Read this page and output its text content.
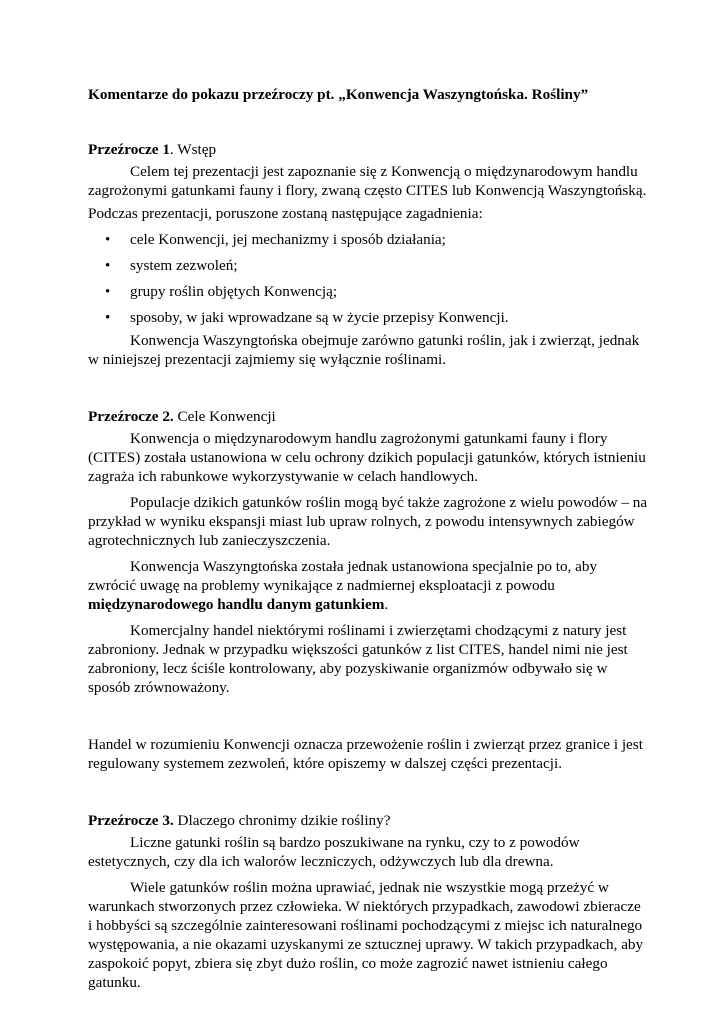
Komentarze do pokazu przeźroczy pt. „Konwencja Waszyngtońska. Rośliny”

Przeźrocze 1. Wstęp

Celem tej prezentacji jest zapoznanie się z Konwencją o międzynarodowym handlu zagrożonymi gatunkami fauny i flory, zwaną często CITES lub Konwencją Waszyngtońską.

Podczas prezentacji, poruszone zostaną następujące zagadnienia:

• cele Konwencji, jej mechanizmy i sposób działania;
• system zezwoleń;
• grupy roślin objętych Konwencją;
• sposoby, w jaki wprowadzane są w życie przepisy Konwencji.

Konwencja Waszyngtońska obejmuje zarówno gatunki roślin, jak i zwierząt, jednak w niniejszej prezentacji zajmiemy się wyłącznie roślinami.

Przeźrocze 2. Cele Konwencji

Konwencja o międzynarodowym handlu zagrożonymi gatunkami fauny i flory (CITES) została ustanowiona w celu ochrony dzikich populacji gatunków, których istnieniu zagraża ich rabunkowe wykorzystywanie w celach handlowych.

Populacje dzikich gatunków roślin mogą być także zagrożone z wielu powodów – na przykład w wyniku ekspansji miast lub upraw rolnych, z powodu intensywnych zabiegów agrotechnicznych lub zanieczyszczenia.

Konwencja Waszyngtońska została jednak ustanowiona specjalnie po to, aby zwrócić uwagę na problemy wynikające z nadmiernej eksploatacji z powodu międzynarodowego handlu danym gatunkiem.

Komercjalny handel niektórymi roślinami i zwierzętami chodzącymi z natury jest zabroniony. Jednak w przypadku większości gatunków z list CITES, handel nimi nie jest zabroniony, lecz ściśle kontrolowany, aby pozyskiwanie organizmów odbywało się w sposób zrównoważony.

Handel w rozumieniu Konwencji oznacza przewożenie roślin i zwierząt przez granice i jest regulowany systemem zezwoleń, które opiszemy w dalszej części prezentacji.

Przeźrocze 3. Dlaczego chronimy dzikie rośliny?

Liczne gatunki roślin są bardzo poszukiwane na rynku, czy to z powodów estetycznych, czy dla ich walorów leczniczych, odżywczych lub dla drewna.

Wiele gatunków roślin można uprawiać, jednak nie wszystkie mogą przeżyć w warunkach stworzonych przez człowieka. W niektórych przypadkach, zawodowi zbieracze i hobbyści są szczególnie zainteresowani roślinami pochodzącymi z miejsc ich naturalnego występowania, a nie okazami uzyskanymi ze sztucznej uprawy. W takich przypadkach, aby zaspokoić popyt, zbiera się zbyt dużo roślin, co może zagrozić nawet istnieniu całego gatunku.
